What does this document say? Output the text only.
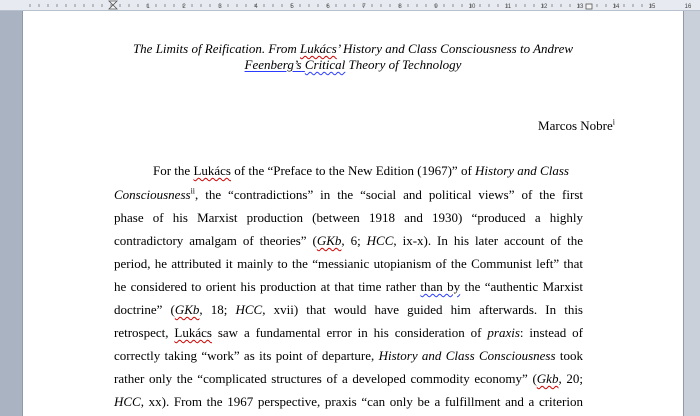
1	2	3	4	5	6	7	8	9	10	11	12	13	14	15	16
The Limits of Reification. From Lukács’ History and Class Consciousness to Andrew
Feenberg’s Critical Theory of Technology
Marcos Nobre$^i$
For the Lukács of the “Preface to the New Edition (1967)” of History and Class
Consciousness$^{ii}$, the “contradictions” in the “social and political views” of the first
phase of his Marxist production (between 1918 and 1930) “produced a highly
contradictory amalgam of theories” (GKb, 6; HCC, ix-x). In his later account of the
period, he attributed it mainly to the “messianic utopianism of the Communist left” that
he considered to orient his production at that time rather than by the “authentic Marxist
doctrine” (GKb, 18; HCC, xvii) that would have guided him afterwards. In this
retrospect, Lukács saw a fundamental error in his consideration of praxis: instead of
correctly taking “work” as its point of departure, History and Class Consciousness took
rather only the “complicated structures of a developed commodity economy” (Gkb, 20;
HCC, xx). From the 1967 perspective, praxis “can only be a fulfillment and a criterion
